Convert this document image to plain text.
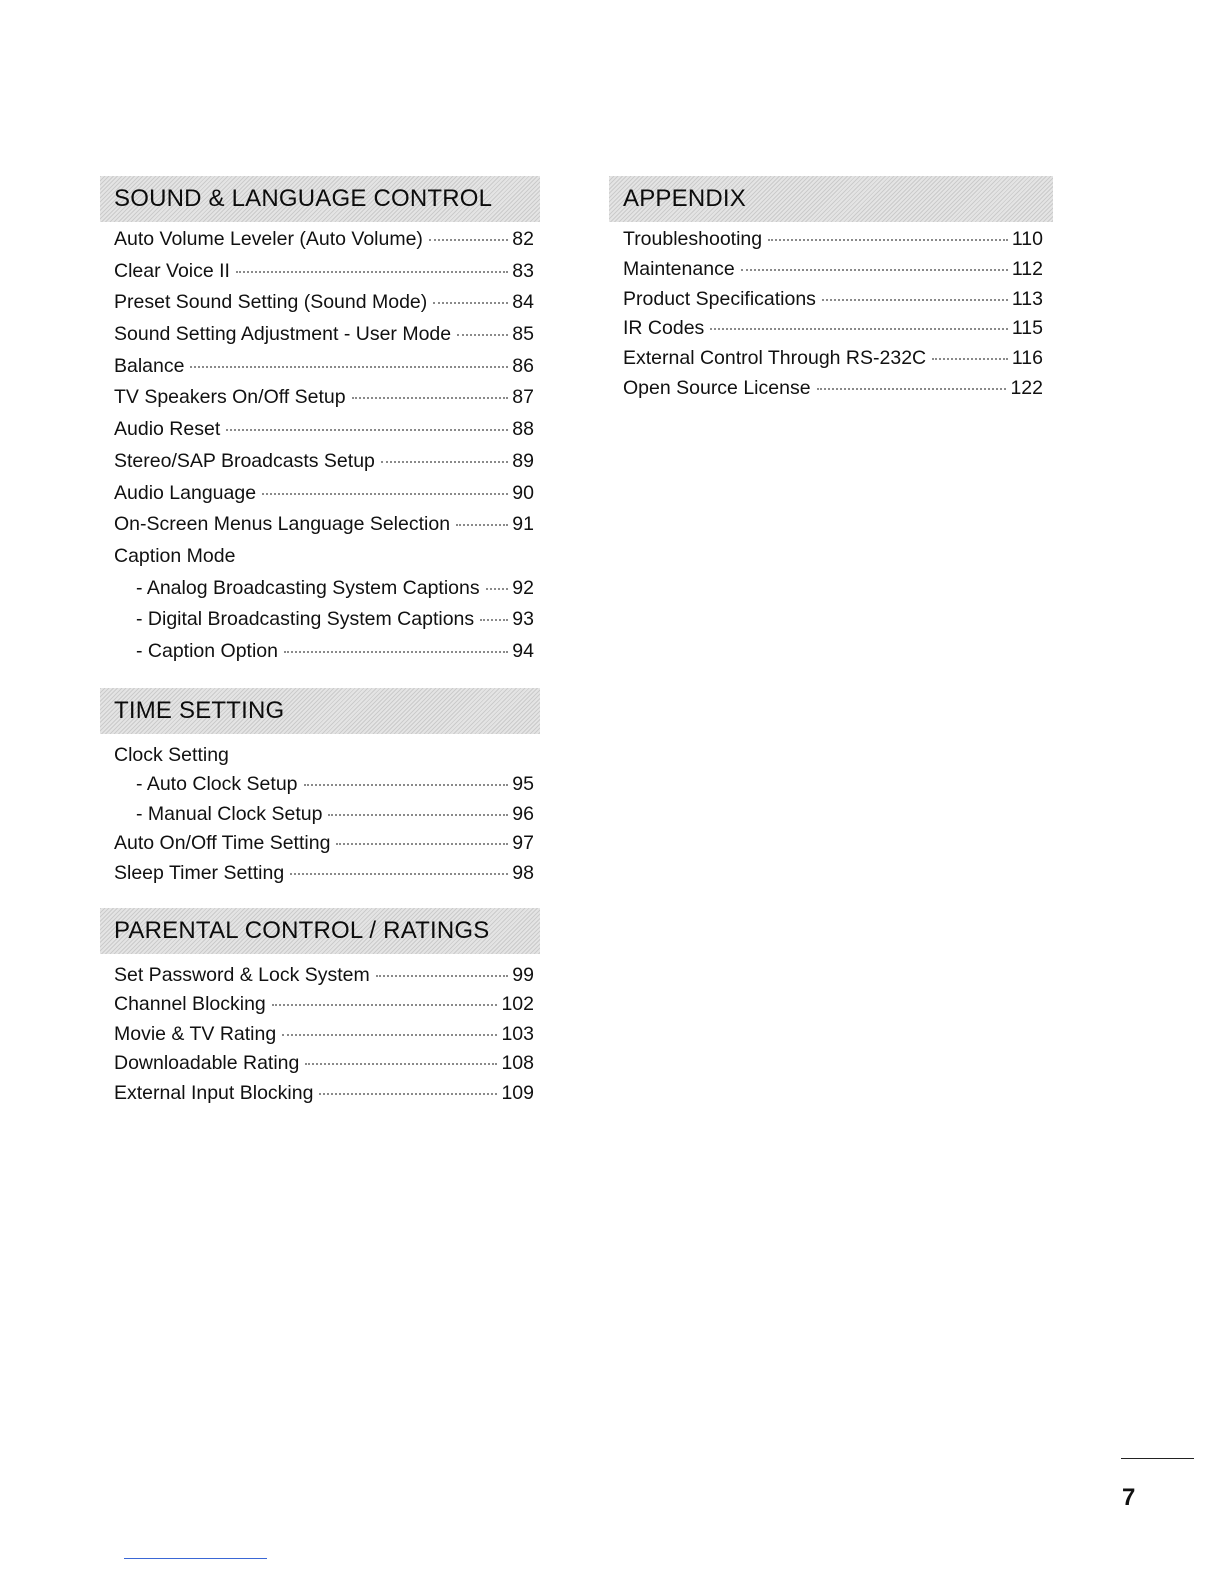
SOUND & LANGUAGE CONTROL
Auto Volume Leveler (Auto Volume)	82
Clear Voice II	83
Preset Sound Setting (Sound Mode)	84
Sound Setting Adjustment - User Mode	85
Balance	86
TV Speakers On/Off Setup	87
Audio Reset	88
Stereo/SAP Broadcasts Setup	89
Audio Language	90
On-Screen Menus Language Selection	91
Caption Mode
- Analog Broadcasting System Captions 92
- Digital Broadcasting System Captions 93
- Caption Option	94
TIME SETTING
Clock Setting
- Auto Clock Setup	95
- Manual Clock Setup	96
Auto On/Off Time Setting	97
Sleep Timer Setting	98
PARENTAL CONTROL / RATINGS
Set Password & Lock System	99
Channel Blocking	102
Movie & TV Rating	103
Downloadable Rating	108
External Input Blocking	109
APPENDIX
Troubleshooting	110
Maintenance	112
Product Specifications	113
IR Codes	115
External Control Through RS-232C	116
Open Source License	122
7
